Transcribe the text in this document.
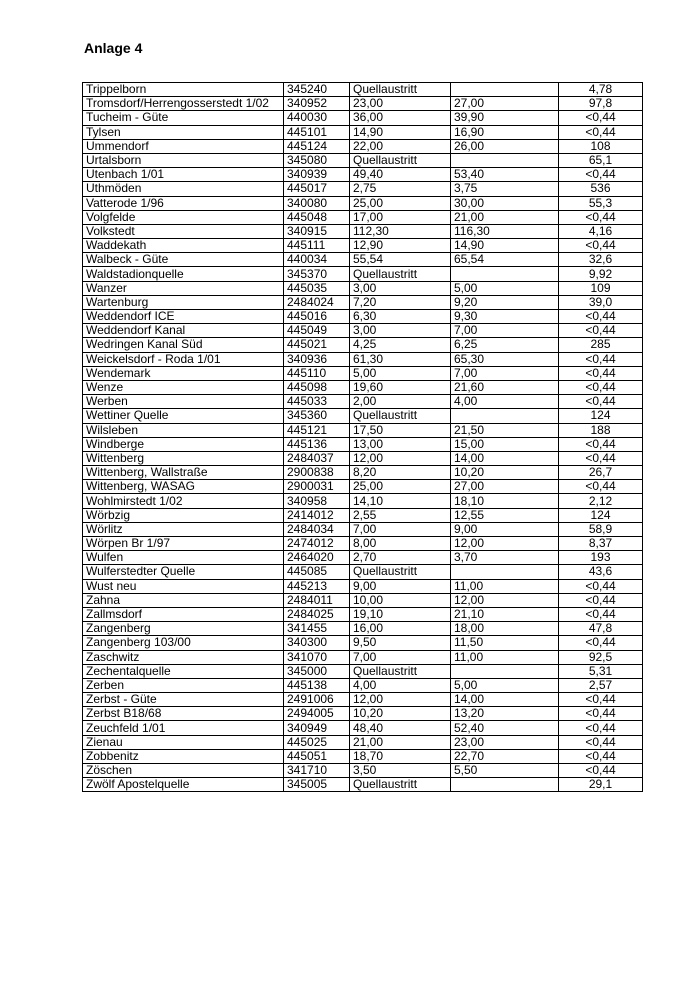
Anlage 4
Trippelborn	345240	Quellaustritt		4,78
Tromsdorf/Herrengosserstedt 1/02	340952	23,00	27,00	97,8
Tucheim - Güte	440030	36,00	39,90	<0,44
Tylsen	445101	14,90	16,90	<0,44
Ummendorf	445124	22,00	26,00	108
Urtalsborn	345080	Quellaustritt		65,1
Utenbach 1/01	340939	49,40	53,40	<0,44
Uthmöden	445017	2,75	3,75	536
Vatterode 1/96	340080	25,00	30,00	55,3
Volgfelde	445048	17,00	21,00	<0,44
Volkstedt	340915	112,30	116,30	4,16
Waddekath	445111	12,90	14,90	<0,44
Walbeck - Güte	440034	55,54	65,54	32,6
Waldstadionquelle	345370	Quellaustritt		9,92
Wanzer	445035	3,00	5,00	109
Wartenburg	2484024	7,20	9,20	39,0
Weddendorf ICE	445016	6,30	9,30	<0,44
Weddendorf Kanal	445049	3,00	7,00	<0,44
Wedringen Kanal Süd	445021	4,25	6,25	285
Weickelsdorf - Roda 1/01	340936	61,30	65,30	<0,44
Wendemark	445110	5,00	7,00	<0,44
Wenze	445098	19,60	21,60	<0,44
Werben	445033	2,00	4,00	<0,44
Wettiner Quelle	345360	Quellaustritt		124
Wilsleben	445121	17,50	21,50	188
Windberge	445136	13,00	15,00	<0,44
Wittenberg	2484037	12,00	14,00	<0,44
Wittenberg, Wallstraße	2900838	8,20	10,20	26,7
Wittenberg, WASAG	2900031	25,00	27,00	<0,44
Wohlmirstedt 1/02	340958	14,10	18,10	2,12
Wörbzig	2414012	2,55	12,55	124
Wörlitz	2484034	7,00	9,00	58,9
Wörpen Br 1/97	2474012	8,00	12,00	8,37
Wulfen	2464020	2,70	3,70	193
Wulferstedter Quelle	445085	Quellaustritt		43,6
Wust neu	445213	9,00	11,00	<0,44
Zahna	2484011	10,00	12,00	<0,44
Zallmsdorf	2484025	19,10	21,10	<0,44
Zangenberg	341455	16,00	18,00	47,8
Zangenberg 103/00	340300	9,50	11,50	<0,44
Zaschwitz	341070	7,00	11,00	92,5
Zechentalquelle	345000	Quellaustritt		5,31
Zerben	445138	4,00	5,00	2,57
Zerbst - Güte	2491006	12,00	14,00	<0,44
Zerbst B18/68	2494005	10,20	13,20	<0,44
Zeuchfeld 1/01	340949	48,40	52,40	<0,44
Zienau	445025	21,00	23,00	<0,44
Zobbenitz	445051	18,70	22,70	<0,44
Zöschen	341710	3,50	5,50	<0,44
Zwölf Apostelquelle	345005	Quellaustritt		29,1
